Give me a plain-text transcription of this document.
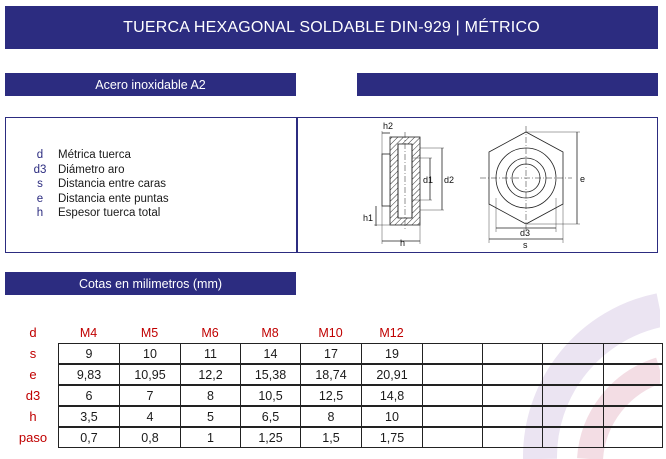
TUERCA HEXAGONAL SOLDABLE DIN-929 | MÉTRICO
Acero inoxidable A2
d	Métrica tuerca
d3	Diámetro aro
s	Distancia entre caras
e	Distancia ente puntas
h	Espesor tuerca total
h2
d1 d2
h1
h
e
d3
s
Cotas en milimetros (mm)
d	M4	M5	M6	M8	M10	M12
s	9	10	11	14	17	19
e	9,83	10,95	12,2	15,38	18,74	20,91
d3	6	7	8	10,5	12,5	14,8
h	3,5	4	5	6,5	8	10
paso	0,7	0,8	1	1,25	1,5	1,75
